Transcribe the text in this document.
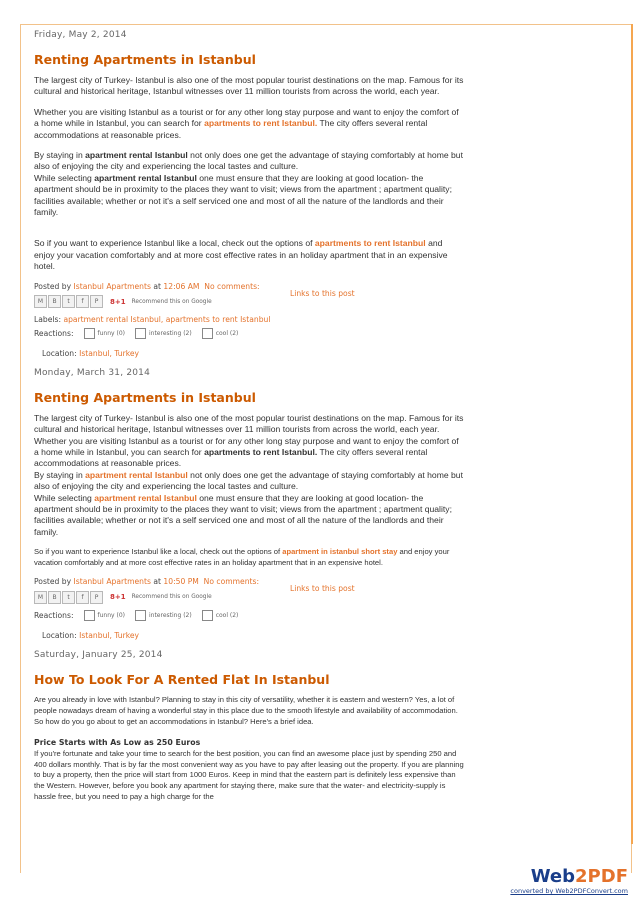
Friday, May 2, 2014
Renting Apartments in Istanbul

The largest city of Turkey- Istanbul is also one of the most popular tourist destinations on the map. Famous for its cultural and historical heritage, Istanbul witnesses over 11 million tourists from across the world, each year.

Whether you are visiting Istanbul as a tourist or for any other long stay purpose and want to enjoy the comfort of a home while in Istanbul, you can search for apartments to rent Istanbul. The city offers several rental accommodations at reasonable prices.

By staying in apartment rental Istanbul not only does one get the advantage of staying comfortably at home but also of enjoying the city and experiencing the local tastes and culture.
While selecting apartment rental Istanbul one must ensure that they are looking at good location- the apartment should be in proximity to the places they want to visit; views from the apartment ; apartment quality; facilities available; whether or not it's a self serviced one and most of all the nature of the landlords and their family.

So if you want to experience Istanbul like a local, check out the options of apartments to rent Istanbul and enjoy your vacation comfortably and at more cost effective rates in an holiday apartment that in an expensive hotel.

Posted by Istanbul Apartments at 12:06 AM No comments:
M	B	t	f	P	8+1 Recommend this on Google
Links to this post
Labels: apartment rental Istanbul, apartments to rent Istanbul
Reactions:	funny (0)	interesting (2)	cool (2)
Location: Istanbul, Turkey
Monday, March 31, 2014
Renting Apartments in Istanbul

The largest city of Turkey- Istanbul is also one of the most popular tourist destinations on the map. Famous for its cultural and historical heritage, Istanbul witnesses over 11 million tourists from across the world, each year.

Whether you are visiting Istanbul as a tourist or for any other long stay purpose and want to enjoy the comfort of a home while in Istanbul, you can search for apartments to rent Istanbul. The city offers several rental accommodations at reasonable prices.

By staying in apartment rental Istanbul not only does one get the advantage of staying comfortably at home but also of enjoying the city and experiencing the local tastes and culture.
While selecting apartment rental Istanbul one must ensure that they are looking at good location- the apartment should be in proximity to the places they want to visit; views from the apartment ; apartment quality; facilities available; whether or not it's a self serviced one and most of all the nature of the landlords and their family.

So if you want to experience Istanbul like a local, check out the options of apartment in istanbul short stay and enjoy your vacation comfortably and at more cost effective rates in an holiday apartment that in an expensive hotel.

Posted by Istanbul Apartments at 10:50 PM No comments:
M	B	t	f	P	8+1 Recommend this on Google
Links to this post
Reactions:	funny (0)	interesting (2)	cool (2)
Location: Istanbul, Turkey
Saturday, January 25, 2014
How To Look For A Rented Flat In Istanbul

Are you already in love with Istanbul? Planning to stay in this city of versatility, whether it is eastern and western? Yes, a lot of people nowadays dream of having a wonderful stay in this place due to the smooth lifestyle and availability of accommodation. So how do you go about to get an accommodations in Istanbul? Here's a brief idea.

Price Starts with As Low as 250 Euros

If you're fortunate and take your time to search for the best position, you can find an awesome place just by spending 250 and 400 dollars monthly. That is by far the most convenient way as you have to pay after leasing out the property. If you are planning to buy a property, then the price will start from 1000 Euros. Keep in mind that the eastern part is definitely less expensive than the Western. However, before you book any apartment for staying there, make sure that the water- and electricity-supply is hassle free, but you need to pay a high charge for the

Web2PDF
converted by Web2PDFConvert.com
